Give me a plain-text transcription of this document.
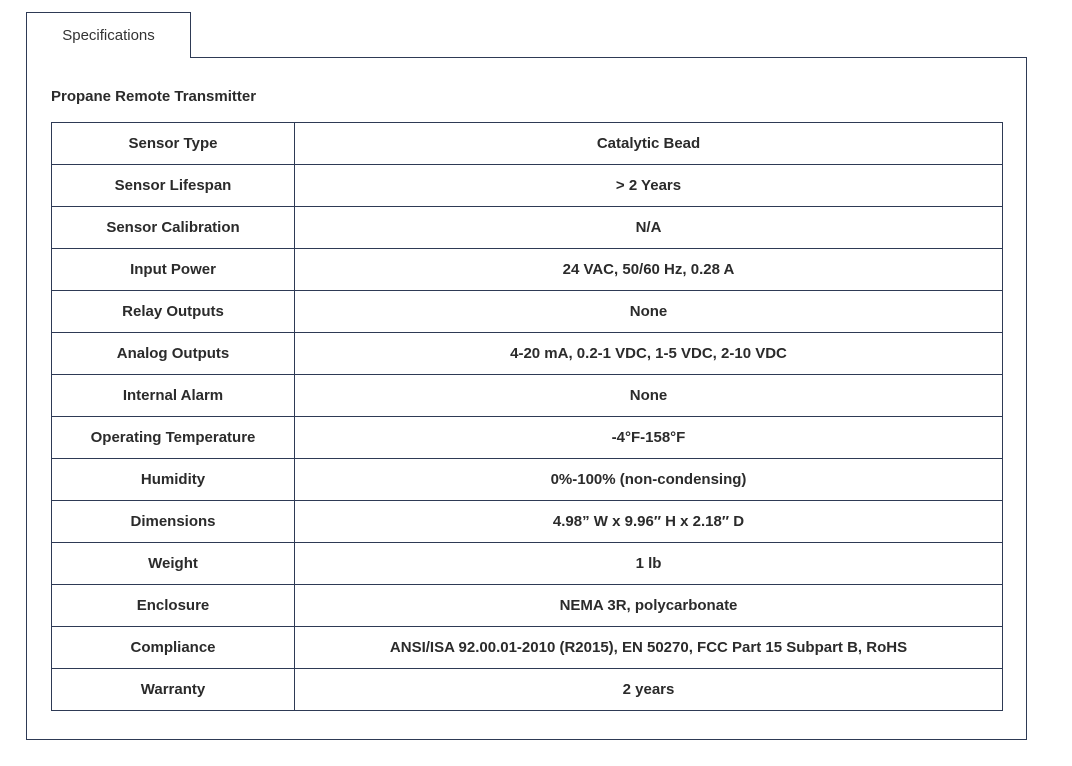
Specifications
Propane Remote Transmitter
Sensor Type	Catalytic Bead
Sensor Lifespan	> 2 Years
Sensor Calibration	N/A
Input Power	24 VAC, 50/60 Hz, 0.28 A
Relay Outputs	None
Analog Outputs	4-20 mA, 0.2-1 VDC, 1-5 VDC, 2-10 VDC
Internal Alarm	None
Operating Temperature	-4°F-158°F
Humidity	0%-100% (non-condensing)
Dimensions	4.98” W x 9.96″ H x 2.18″ D
Weight	1 lb
Enclosure	NEMA 3R, polycarbonate
Compliance	ANSI/ISA 92.00.01-2010 (R2015), EN 50270, FCC Part 15 Subpart B, RoHS
Warranty	2 years
